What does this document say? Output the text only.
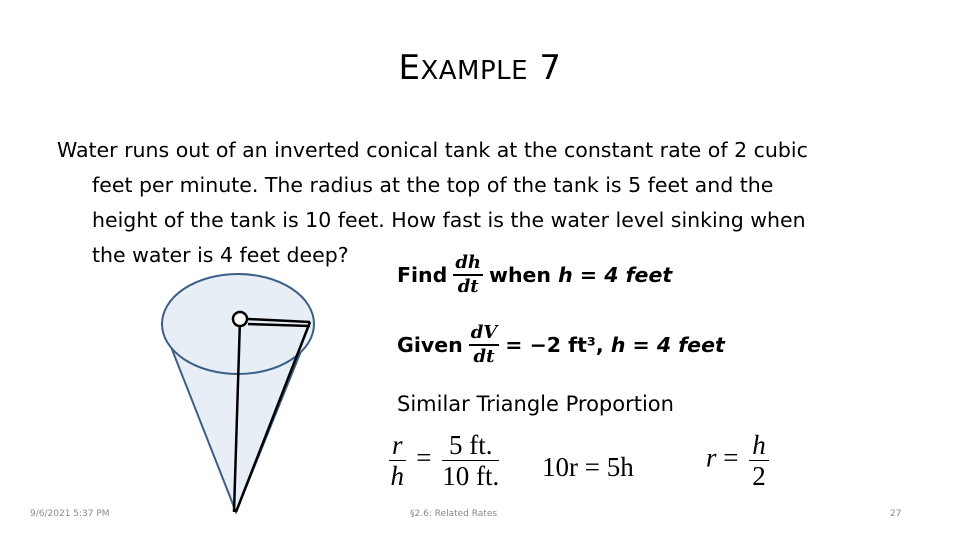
EXAMPLE 7
Water runs out of an inverted conical tank at the constant rate of 2 cubic
feet per minute. The radius at the top of the tank is 5 feet and the
height of the tank is 10 feet. How fast is the water level sinking when
the water is 4 feet deep?
Find $\frac{dh}{dt}$ when
h = 4 feet
Given $\frac{dV}{dt} = -2$ ft³,
h = 4 feet
Similar Triangle Proportion
$\frac{r}{h} = \frac{5 ft.}{10 ft.} 10r = 5h$	$r = \frac{h}{2}$
9/6/2021 5:37 PM	§2.6: Related Rates	27
